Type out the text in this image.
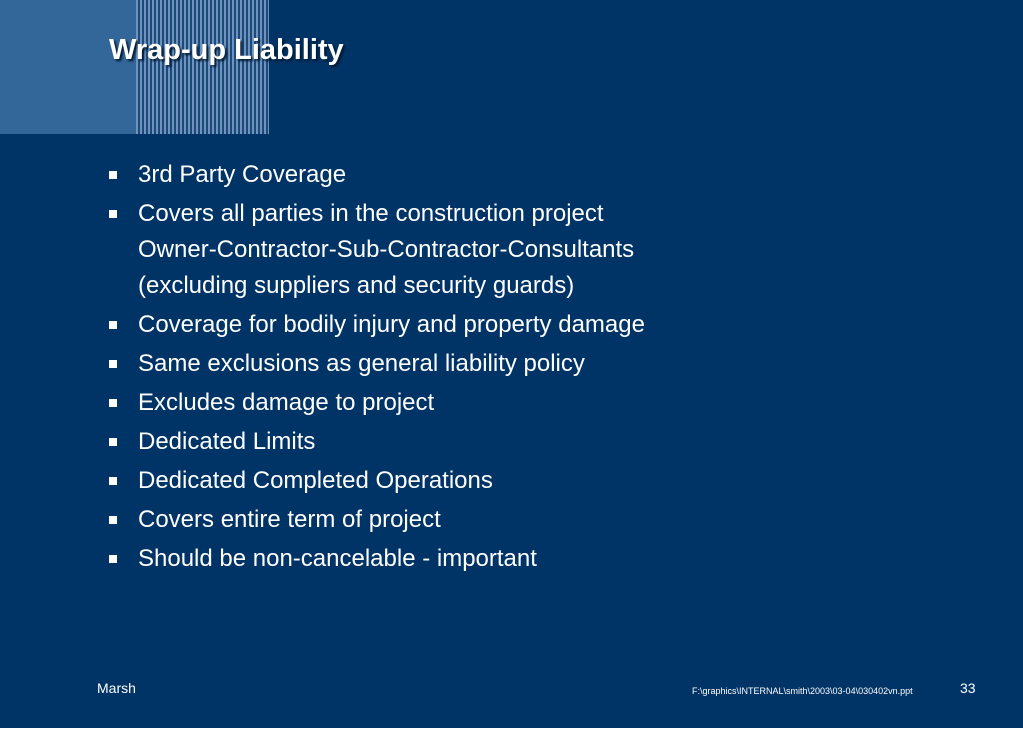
Wrap-up Liability
3rd Party Coverage
Covers all parties in the construction project
Owner-Contractor-Sub-Contractor-Consultants
(excluding suppliers and security guards)
Coverage for bodily injury and property damage
Same exclusions as general liability policy
Excludes damage to project
Dedicated Limits
Dedicated Completed Operations
Covers entire term of project
Should be non-cancelable - important
Marsh	F:\graphics\INTERNAL\smith\2003\03-04\030402vn.ppt	33
